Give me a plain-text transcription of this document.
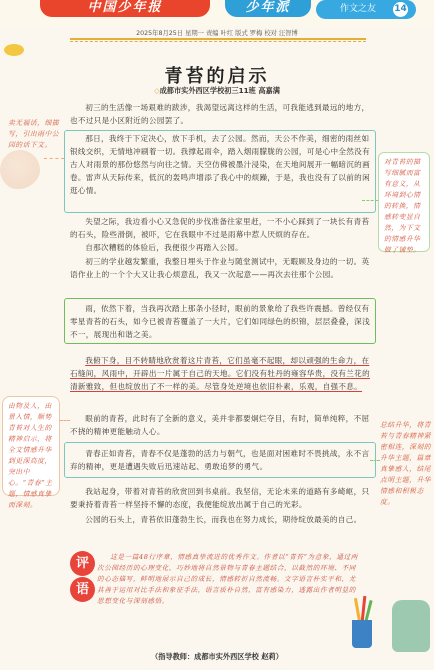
中国少年报	少年派	作文之友	14
2025年8月25日 星期一 责编 叶红 版式 罗梅 校对 汪智博
青苔的启示
◇成都市实外西区学校初三11班 高嘉满

初三的生活像一场艰难的跋涉，我渴望远离这样的生活，可我能逃到最远的地方，也不过只是小区附近的公园罢了。

那日，我终于下定决心，放下手机，去了公园。然而，天公不作美，细密的雨丝如银线交织，无情地冲刷着一切。我撑起雨伞，踏入烟雨朦胧的公园，可是心中全然没有古人对雨景的那份悠然与向往之情。天空仿佛被墨汁浸染，在天地间展开一幅暗沉的画卷。雷声从天际传来，低沉的轰鸣声增添了我心中的烦躁，于是，我也没有了以前的闲逛心情。

失望之际，我边看小心又急促的步伐准备往家里赶，一不小心踩到了一块长有青苔的石头，险些滑倒，被吓，它在我眼中不过是雨幕中惹人厌烦的存在。

自那次糟糕的体验后，我便很少再踏入公园。

初三的学业越发繁重，我整日埋头于作业与随堂测试中，无暇顾及身边的一切。英语作业上的一个个大又让我心烦意乱，我又一次起意——再次去往那个公园。

雨，依然下着，当我再次踏上那条小径时，眼前的景象给了我些许震撼。曾经仅有零星青苔的石头，如今已被青苔覆盖了一大片，它们如同绿色的织锦，层层叠叠，深浅不一，展现出和谐之美。

我俯下身，目不转睛地欣赏着这片青苔，它们虽毫不起眼，却以顽强的生命力，在石缝间，风雨中，开辟出一片属于自己的天地。它们没有牡丹的雍容华贵，没有兰花的清新雅致，但也绽放出了不一样的美。尽管身处逆境也依旧朴素，乐观，自强不息。

眼前的青苔，此时有了全新的意义，美并非都要炯烂夺目，有时，简单纯粹，不屈不挠的精神更能触动人心。

青春正如青苔，青春不仅是蓬勃的活力与朝气，也是面对困难时不畏挑战，永不言弃的精神，更是遭遇失败后迅速站起、勇敢追梦的勇气。

我站起身，带着对青苔的欣赏回到书桌前。我坚信，无论未来的道路有多崎岖，只要秉持着青苔一样坚持不懈的态度，我便能绽放出属于自己的光彩。

公园的石头上，青苔依旧蓬勃生长，而我也在努力成长，期待绽放最美的自己。

卖无福话，细描写，引出雨中公园的话下文。
对青苔的描写细腻而富有意义，从环境到心情的转换，情感转变显自然，为下文的情感升华做了铺垫。
由物及人，由景入情，顺势青苔对人生的精神启示，将全文情感升华到更深高度，突出中心。“青春”主题，情感真挚而深刻。
总结升华，将青苔与青春精神紧密相连，深刻的升华主题，篇章真挚感人，结尾点明主题，升华情感和积极态度。
评
语
这是一篇48行序章，情感真挚流进的优秀作文。作者以“青苔”为意象，通过两次公园经历的心理变化，巧妙地将自然景物与青春主题结合，以截然的环境、不同的心态描写，鲜明地展示自己的成长，情感转折自然流畅。文字语言朴实平和，尤其善于运用对比手法和象征手法，语言质朴自然，富有感染力，透露出作者明显的思想变化与深刻感悟。
（指导教师：成都市实外西区学校 赵莉）
